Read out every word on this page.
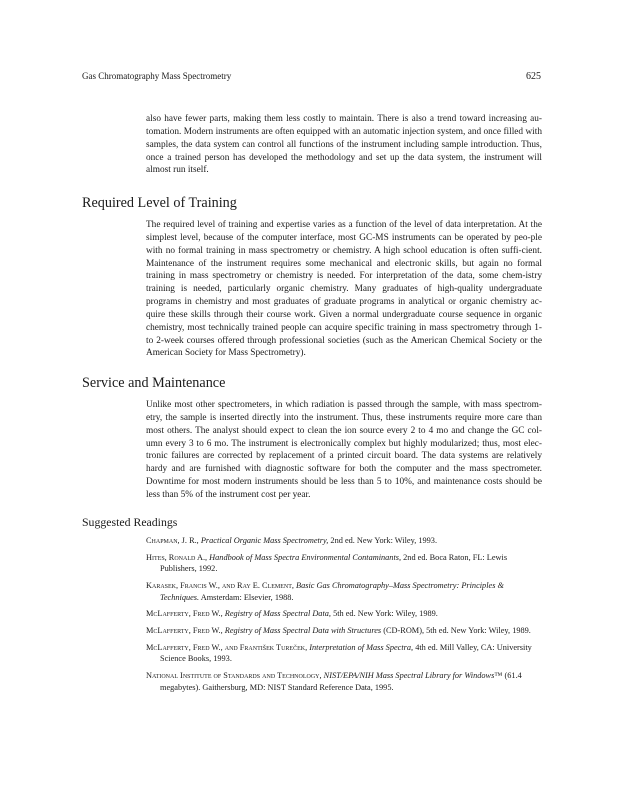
Gas Chromatography Mass Spectrometry	625

also have fewer parts, making them less costly to maintain. There is also a trend toward increasing au-tomation. Modern instruments are often equipped with an automatic injection system, and once filled with samples, the data system can control all functions of the instrument including sample introduction. Thus, once a trained person has developed the methodology and set up the data system, the instrument will almost run itself.

Required Level of Training

The required level of training and expertise varies as a function of the level of data interpretation. At the simplest level, because of the computer interface, most GC-MS instruments can be operated by peo-ple with no formal training in mass spectrometry or chemistry. A high school education is often suffi-cient. Maintenance of the instrument requires some mechanical and electronic skills, but again no formal training in mass spectrometry or chemistry is needed. For interpretation of the data, some chem-istry training is needed, particularly organic chemistry. Many graduates of high-quality undergraduate programs in chemistry and most graduates of graduate programs in analytical or organic chemistry ac-quire these skills through their course work. Given a normal undergraduate course sequence in organic chemistry, most technically trained people can acquire specific training in mass spectrometry through 1- to 2-week courses offered through professional societies (such as the American Chemical Society or the American Society for Mass Spectrometry).

Service and Maintenance

Unlike most other spectrometers, in which radiation is passed through the sample, with mass spectrom-etry, the sample is inserted directly into the instrument. Thus, these instruments require more care than most others. The analyst should expect to clean the ion source every 2 to 4 mo and change the GC col-umn every 3 to 6 mo. The instrument is electronically complex but highly modularized; thus, most elec-tronic failures are corrected by replacement of a printed circuit board. The data systems are relatively hardy and are furnished with diagnostic software for both the computer and the mass spectrometer. Downtime for most modern instruments should be less than 5 to 10%, and maintenance costs should be less than 5% of the instrument cost per year.

Suggested Readings

Chapman, J. R., Practical Organic Mass Spectrometry, 2nd ed. New York: Wiley, 1993.

Hites, Ronald A., Handbook of Mass Spectra Environmental Contaminants, 2nd ed. Boca Raton, FL: Lewis Publishers, 1992.

Karasek, Francis W., and Ray E. Clement, Basic Gas Chromatography–Mass Spectrometry: Principles & Techniques. Amsterdam: Elsevier, 1988.

McLafferty, Fred W., Registry of Mass Spectral Data, 5th ed. New York: Wiley, 1989.

McLafferty, Fred W., Registry of Mass Spectral Data with Structures (CD-ROM), 5th ed. New York: Wiley, 1989.

McLafferty, Fred W., and František Tureček, Interpretation of Mass Spectra, 4th ed. Mill Valley, CA: University Science Books, 1993.

National Institute of Standards and Technology, NIST/EPA/NIH Mass Spectral Library for Windows™ (61.4 megabytes). Gaithersburg, MD: NIST Standard Reference Data, 1995.
